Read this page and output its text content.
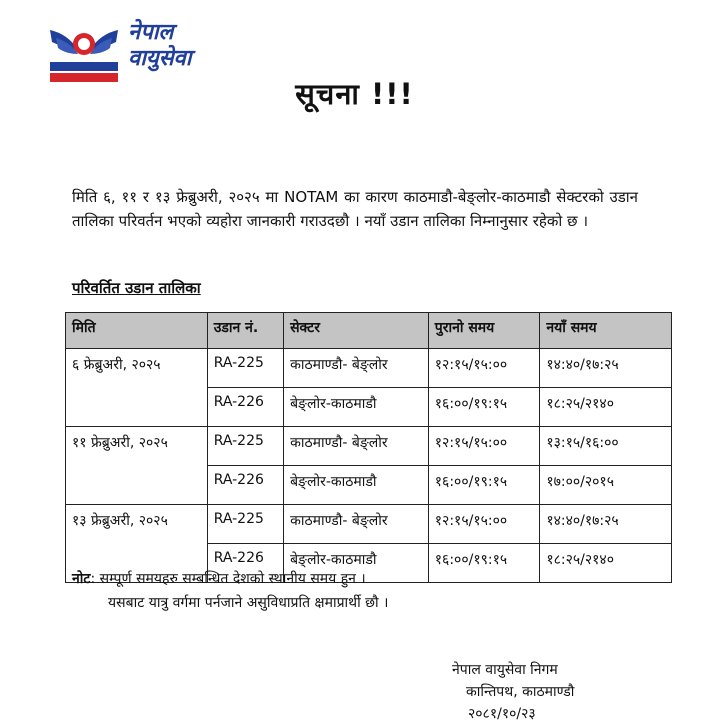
नेपाल
वायुसेवा
सूचना !!!
मिति ६, ११ र १३ फ्रेब्रुअरी, २०२५ मा NOTAM का कारण काठमाडौ-बेङ्लोर-काठमाडौ सेक्टरको उडान तालिका परिवर्तन भएको व्यहोरा जानकारी गराउदछौ । नयाँ उडान तालिका निम्नानुसार रहेको छ ।
परिवर्तित उडान तालिका
मिति	उडान नं.	सेक्टर	पुरानो समय	नयाँ समय
६ फ्रेब्रुअरी, २०२५	RA-225	काठमाण्डौ- बेङ्लोर	१२:१५/१५:००	१४:४०/१७:२५
	RA-226	बेङ्लोर-काठमाडौ	१६:००/१९:१५	१८:२५/२१४०
११ फ्रेब्रुअरी, २०२५	RA-225	काठमाण्डौ- बेङ्लोर	१२:१५/१५:००	१३:१५/१६:००
	RA-226	बेङ्लोर-काठमाडौ	१६:००/१९:१५	१७:००/२०१५
१३ फ्रेब्रुअरी, २०२५	RA-225	काठमाण्डौ- बेङ्लोर	१२:१५/१५:००	१४:४०/१७:२५
	RA-226	बेङ्लोर-काठमाडौ	१६:००/१९:१५	१८:२५/२१४०
नोट: सम्पूर्ण समयहरु सम्बन्धित देशको स्थानीय समय हुन ।
यसबाट यात्रु वर्गमा पर्नजाने असुविधाप्रति क्षमाप्रार्थी छौ ।
नेपाल वायुसेवा निगम
कान्तिपथ, काठमाण्डौ
२०८१/१०/२३
